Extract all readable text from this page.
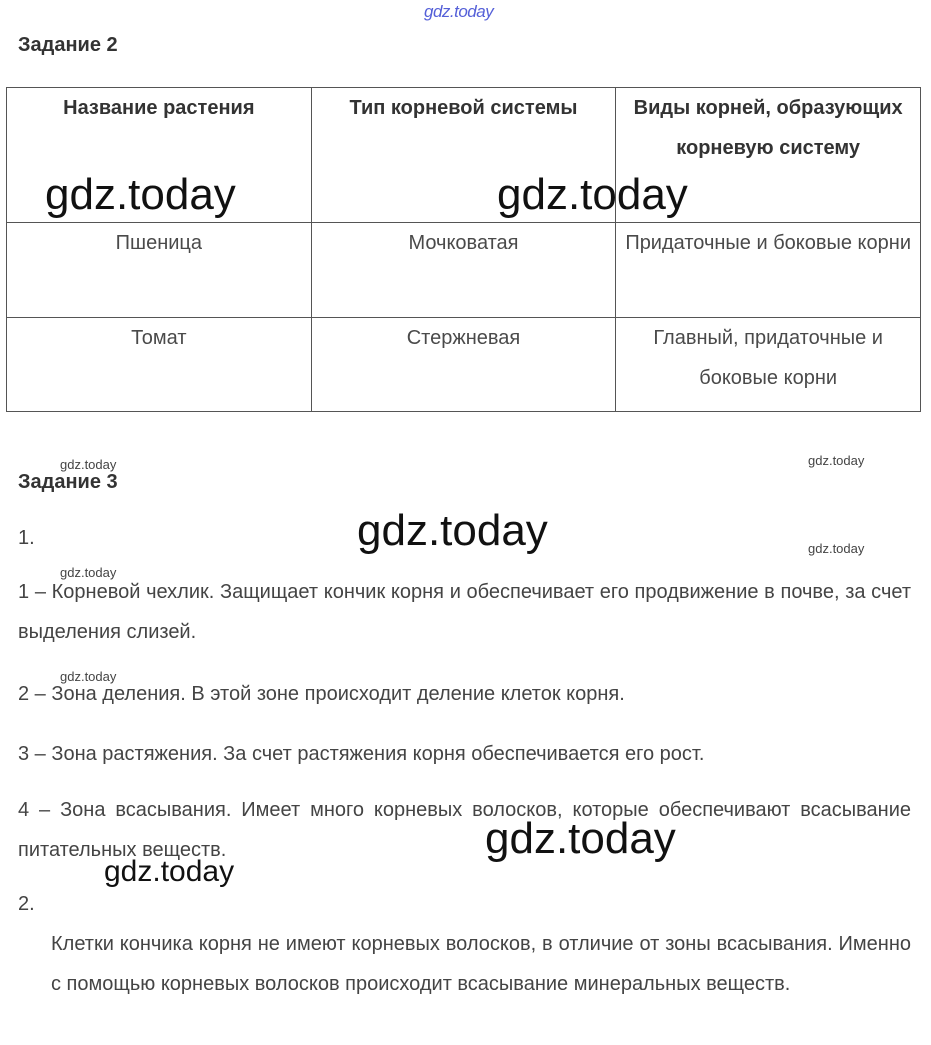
gdz.today
Задание 2
Название растения	Тип корневой системы	Виды корней, образующих корневую систему
Пшеница	Мочковатая	Придаточные и боковые корни
Томат	Стержневая	Главный, придаточные и боковые корни
gdz.today	gdz.today
gdz.today	gdz.today
Задание 3
1.	gdz.today	gdz.today
gdz.today
1 – Корневой чехлик. Защищает кончик корня и обеспечивает его продвижение в почве, за счет выделения слизей.
gdz.today
2 – Зона деления. В этой зоне происходит деление клеток корня.
3 – Зона растяжения. За счет растяжения корня обеспечивается его рост.
4 – Зона всасывания. Имеет много корневых волосков, которые обеспечивают всасывание питательных веществ.	gdz.today
gdz.today
2.
Клетки кончика корня не имеют корневых волосков, в отличие от зоны всасывания. Именно с помощью корневых волосков происходит всасывание минеральных веществ.
